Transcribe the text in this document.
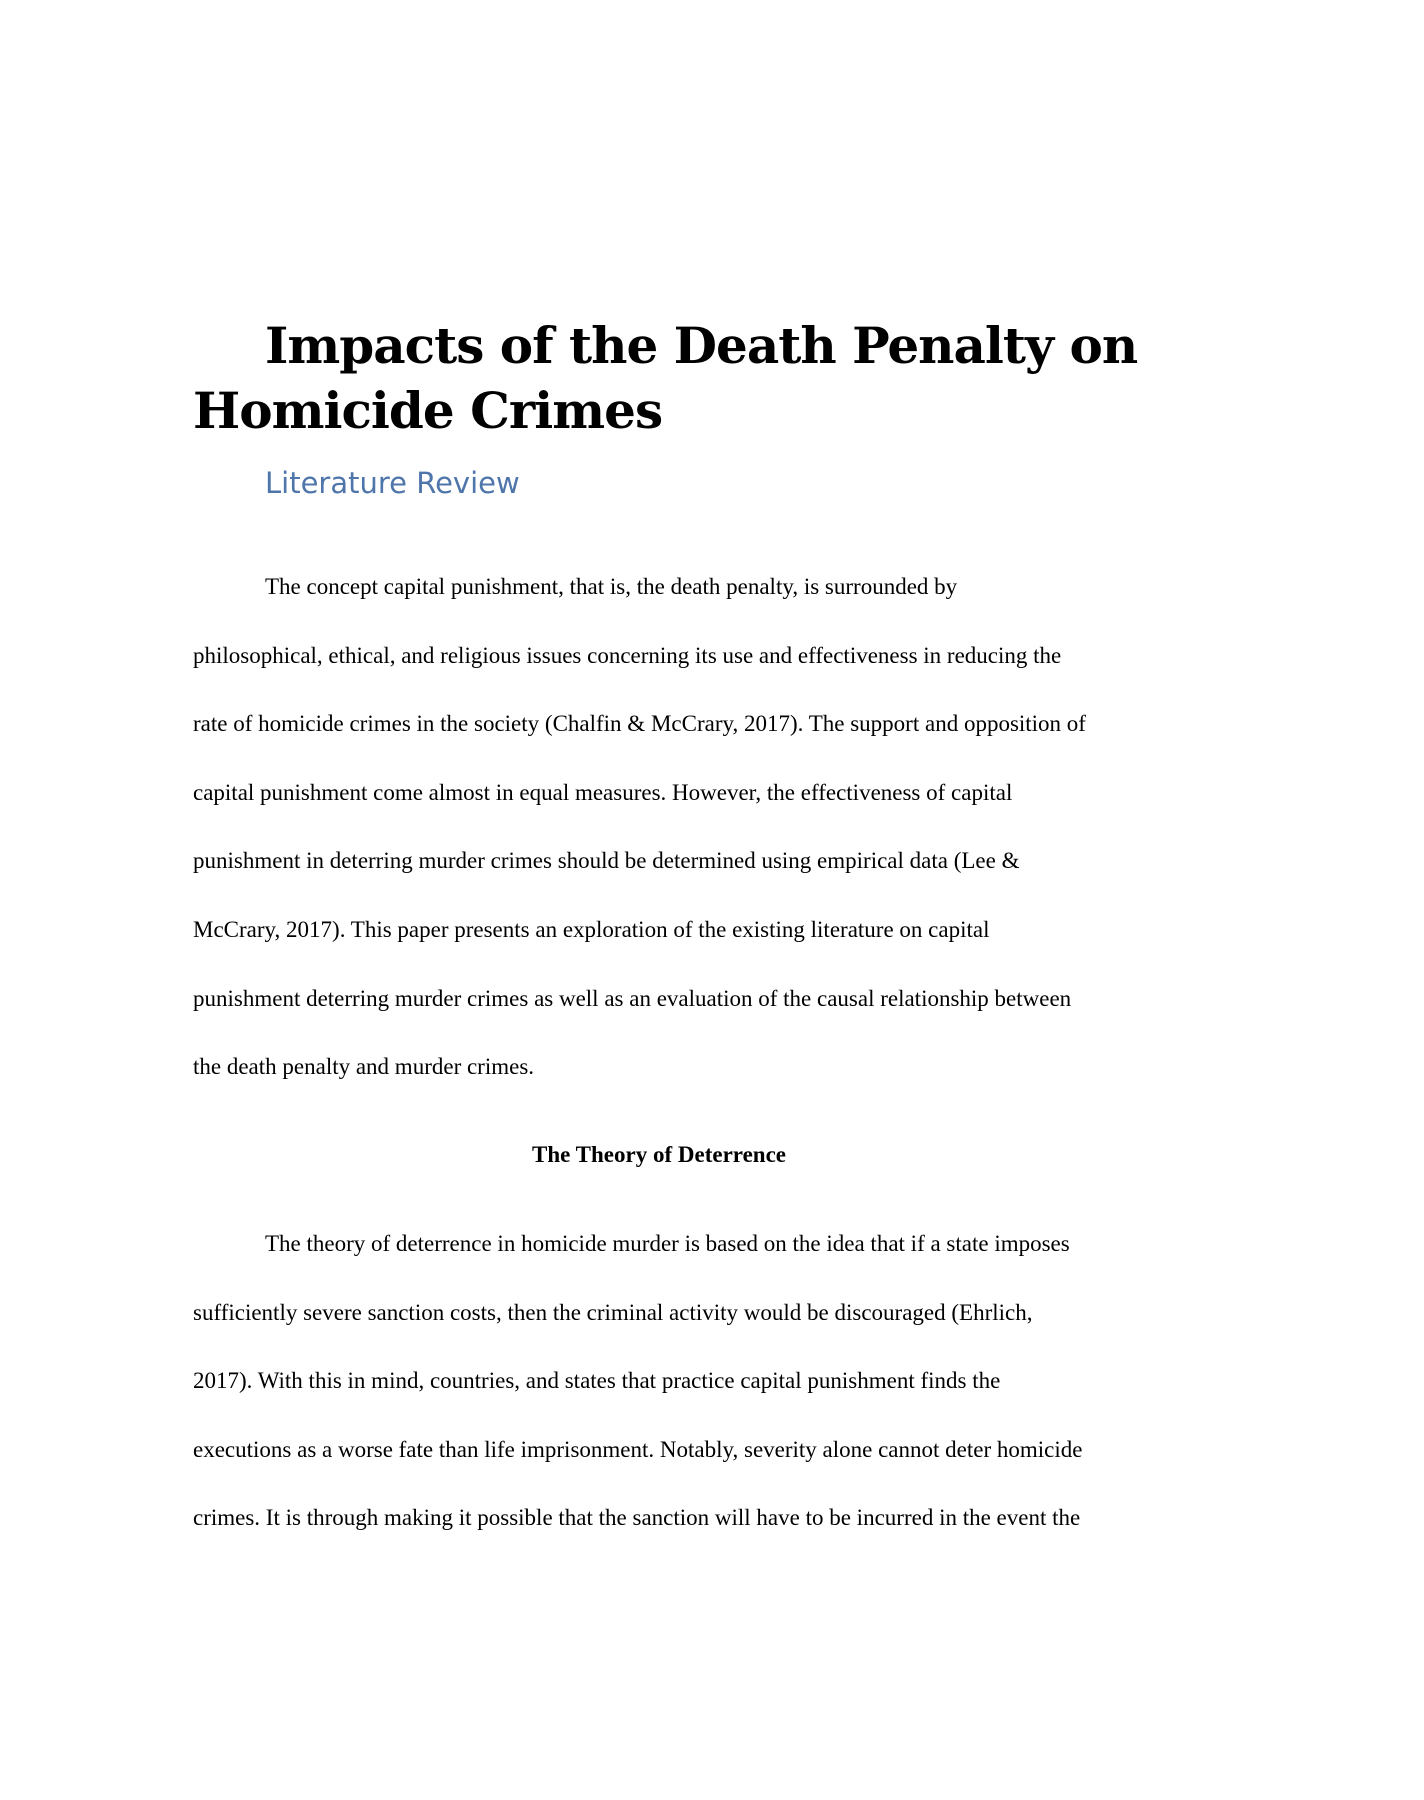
Impacts of the Death Penalty on Homicide Crimes
Literature Review
The concept capital punishment, that is, the death penalty, is surrounded by
philosophical, ethical, and religious issues concerning its use and effectiveness in reducing the
rate of homicide crimes in the society (Chalfin & McCrary, 2017). The support and opposition of
capital punishment come almost in equal measures. However, the effectiveness of capital
punishment in deterring murder crimes should be determined using empirical data (Lee &
McCrary, 2017). This paper presents an exploration of the existing literature on capital
punishment deterring murder crimes as well as an evaluation of the causal relationship between
the death penalty and murder crimes.
The Theory of Deterrence
The theory of deterrence in homicide murder is based on the idea that if a state imposes
sufficiently severe sanction costs, then the criminal activity would be discouraged (Ehrlich,
2017). With this in mind, countries, and states that practice capital punishment finds the
executions as a worse fate than life imprisonment. Notably, severity alone cannot deter homicide
crimes. It is through making it possible that the sanction will have to be incurred in the event the
